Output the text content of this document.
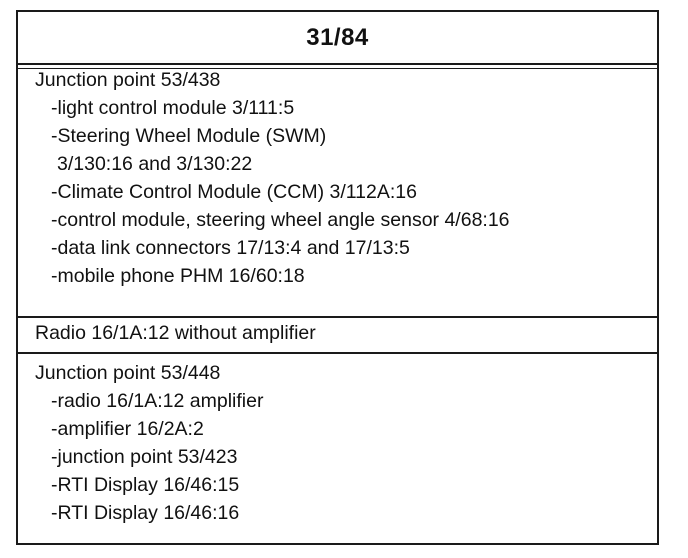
31/84
Junction point 53/438
-light control module 3/111:5
-Steering Wheel Module (SWM)
3/130:16 and 3/130:22
-Climate Control Module (CCM) 3/112A:16
-control module, steering wheel angle sensor 4/68:16
-data link connectors 17/13:4 and 17/13:5
-mobile phone PHM 16/60:18
Radio 16/1A:12 without amplifier
Junction point 53/448
-radio 16/1A:12 amplifier
-amplifier 16/2A:2
-junction point 53/423
-RTI Display 16/46:15
-RTI Display 16/46:16
